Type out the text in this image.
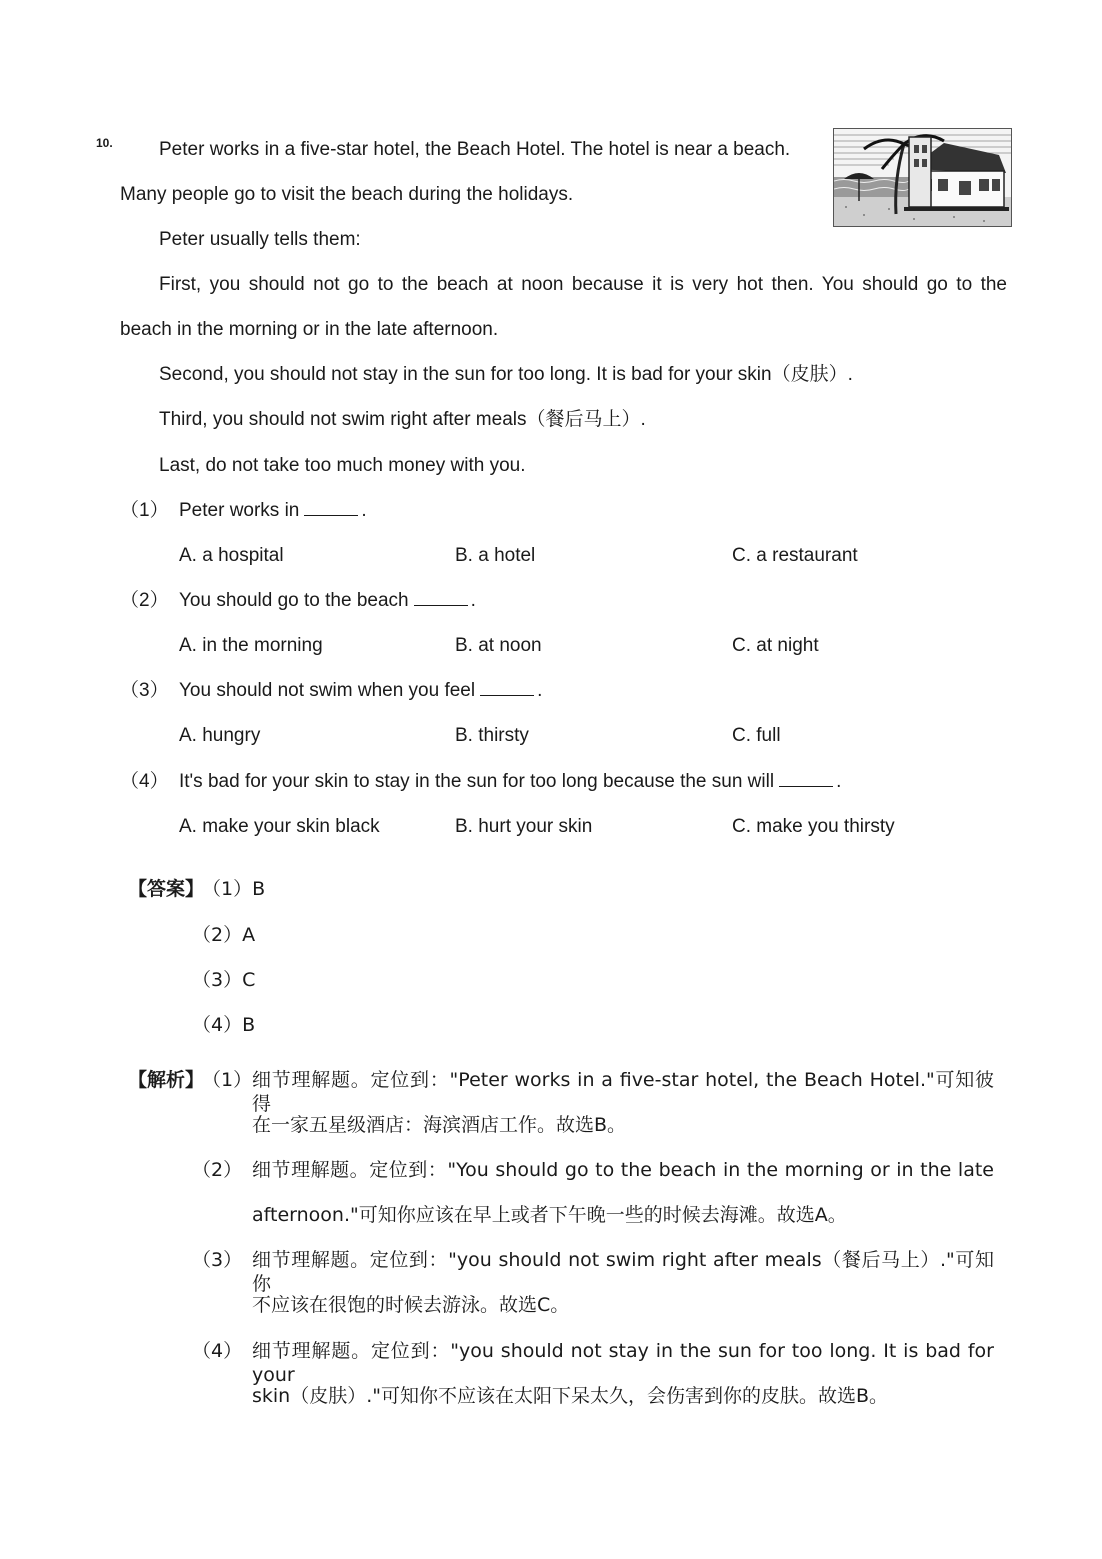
10. Peter works in a five-star hotel, the Beach Hotel. The hotel is near a beach.
Many people go to visit the beach during the holidays.
Peter usually tells them:
First, you should not go to the beach at noon because it is very hot then. You should go to the
beach in the morning or in the late afternoon.
Second, you should not stay in the sun for too long. It is bad for your skin（皮肤）.
Third, you should not swim right after meals（餐后马上）.
Last, do not take too much money with you.
（1） Peter works in	.
A. a hospital	B. a hotel	C. a restaurant
（2） You should go to the beach	.
A. in the morning	B. at noon	C. at night
（3） You should not swim when you feel	.
A. hungry	B. thirsty	C. full
（4） It's bad for your skin to stay in the sun for too long because the sun will	.
A. make your skin black	B. hurt your skin	C. make you thirsty
【答案】
（1）B
（2）A
（3）C
（4）B
【解析】
（1） 细节理解题。定位到："Peter works in a five-star hotel, the Beach Hotel."可知彼得
在一家五星级酒店：海滨酒店工作。故选B。
（2） 细节理解题。定位到："You should go to the beach in the morning or in the late
afternoon."可知你应该在早上或者下午晚一些的时候去海滩。故选A。
（3） 细节理解题。定位到："you should not swim right after meals（餐后马上）."可知你
不应该在很饱的时候去游泳。故选C。
（4） 细节理解题。定位到："you should not stay in the sun for too long. It is bad for your
skin（皮肤）."可知你不应该在太阳下呆太久，会伤害到你的皮肤。故选B。
